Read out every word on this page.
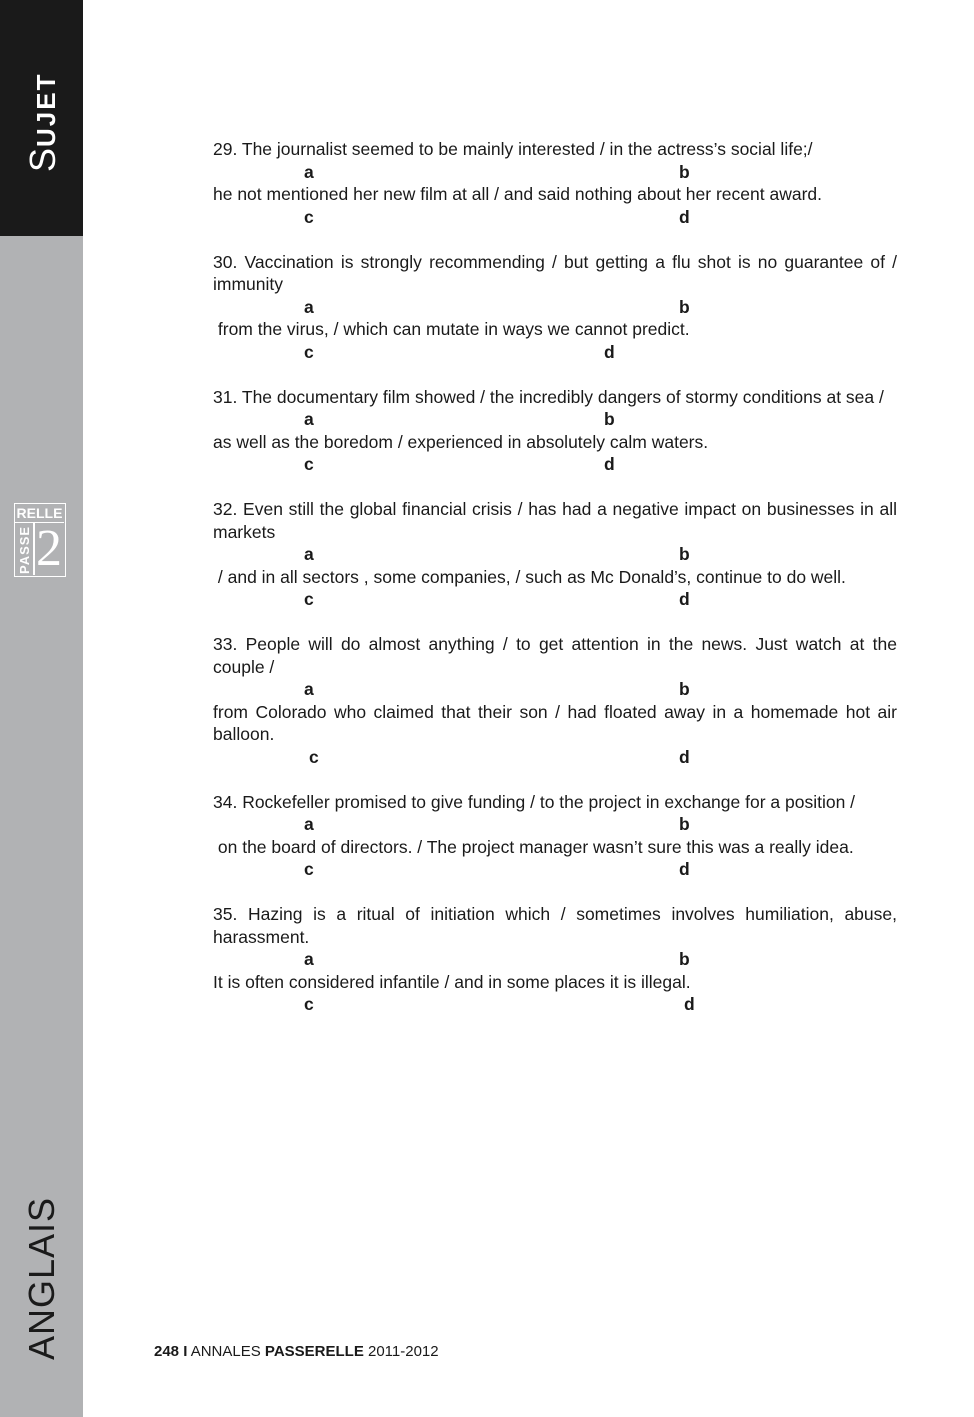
SUJET
RELLE
PASSE 2
ANGLAIS

29. The journalist seemed to be mainly interested / in the actress’s social life;/

a	b

he not mentioned her new film at all / and said nothing about her recent award.

c	d

30. Vaccination is strongly recommending / but getting a flu shot is no guarantee of / immunity

a	b

from the virus, / which can mutate in ways we cannot predict.

c	d

31. The documentary film showed / the incredibly dangers of stormy conditions at sea /

a	b

as well as the boredom / experienced in absolutely calm waters.

c	d

32. Even still the global financial crisis / has had a negative impact on businesses in all markets

a	b

/ and in all sectors , some companies, / such as Mc Donald’s, continue to do well.

c	d

33. People will do almost anything / to get attention in the news. Just watch at the couple /

a	b

from Colorado who claimed that their son / had floated away in a homemade hot air balloon.

c	d

34. Rockefeller promised to give funding / to the project in exchange for a position /

a	b

on the board of directors. / The project manager wasn’t sure this was a really idea.

c	d

35. Hazing is a ritual of initiation which / sometimes involves humiliation, abuse, harassment.

a	b

It is often considered infantile / and in some places it is illegal.

c	d
248 I ANNALES PASSERELLE 2011-2012
